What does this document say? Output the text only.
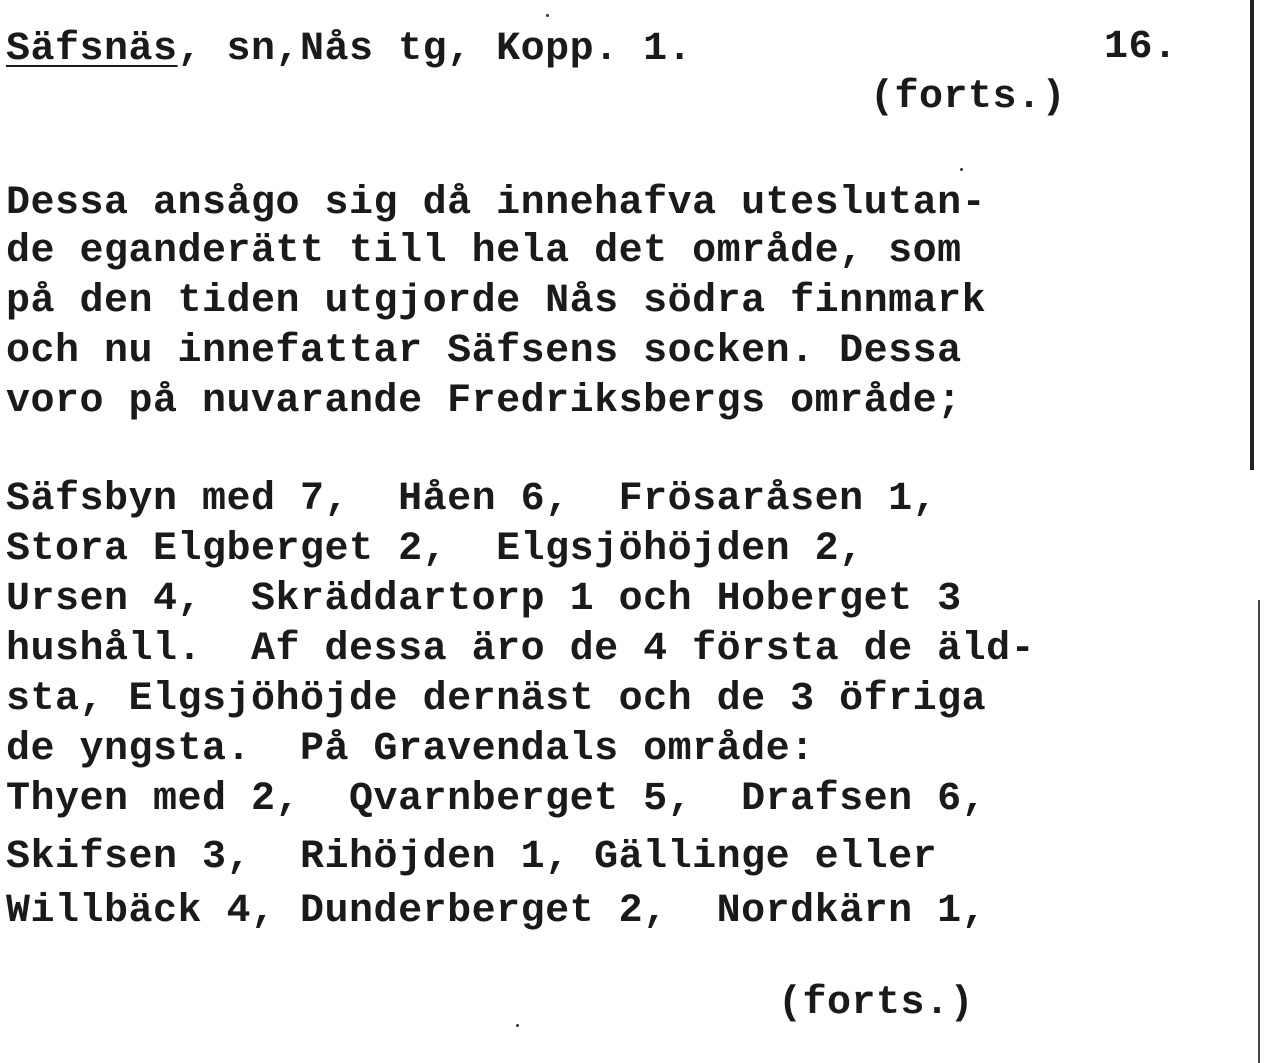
Säfsnäs, sn,Nås tg, Kopp. 1.	16.
(forts.)
Dessa ansågo sig då innehafva uteslutan-
de eganderätt till hela det område, som
på den tiden utgjorde Nås södra finnmark
och nu innefattar Säfsens socken. Dessa
voro på nuvarande Fredriksbergs område;
Säfsbyn med 7,  Håen 6,  Frösaråsen 1,
Stora Elgberget 2,  Elgsjöhöjden 2,
Ursen 4,  Skräddartorp 1 och Hoberget 3
hushåll.  Af dessa äro de 4 första de äld-
sta, Elgsjöhöjde dernäst och de 3 öfriga
de yngsta.  På Gravendals område:
Thyen med 2,  Qvarnberget 5,  Drafsen 6,
Skifsen 3,  Rihöjden 1, Gällinge eller
Willbäck 4, Dunderberget 2,  Nordkärn 1,
(forts.)
